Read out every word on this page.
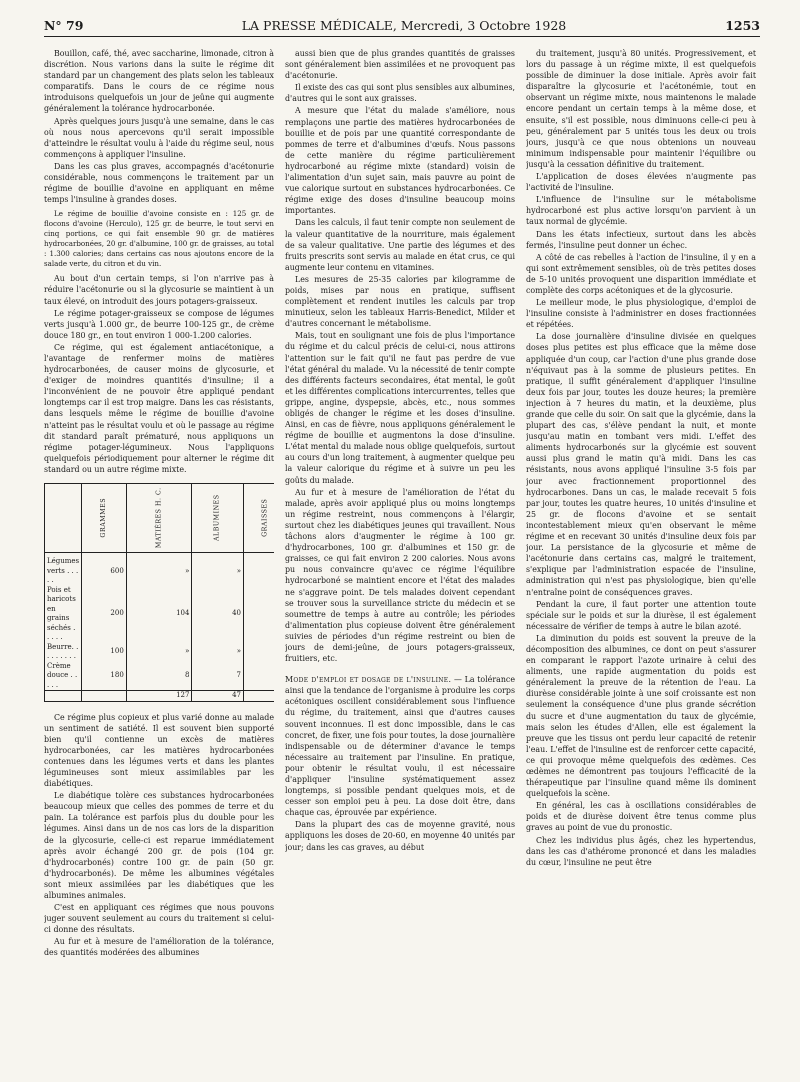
N° 79	LA PRESSE MÉDICALE, Mercredi, 3 Octobre 1928	1253

Bouillon, café, thé, avec saccharine, limonade, citron à discrétion. Nous varions dans la suite le régime dit standard par un changement des plats selon les tableaux comparatifs. Dans le cours de ce régime nous introduisons quelquefois un jour de jeûne qui augmente généralement la tolérance hydrocarbonée.

Après quelques jours jusqu'à une semaine, dans le cas où nous nous apercevons qu'il serait impossible d'atteindre le résultat voulu à l'aide du régime seul, nous commençons à appliquer l'insuline.

Dans les cas plus graves, accompagnés d'acétonurie considérable, nous commençons le traitement par un régime de bouillie d'avoine en appliquant en même temps l'insuline à grandes doses.

Le régime de bouillie d'avoine consiste en : 125 gr. de flocons d'avoine (Herculo), 125 gr. de beurre, le tout servi en cinq portions, ce qui fait ensemble 90 gr. de matières hydrocarbonées, 20 gr. d'albumine, 100 gr. de graisses, au total : 1.300 calories; dans certains cas nous ajoutons encore de la salade verte, du citron et du vin.

Au bout d'un certain temps, si l'on n'arrive pas à réduire l'acétonurie ou si la glycosurie se maintient à un taux élevé, on introduit des jours potagers-graisseux.

Le régime potager-graisseux se compose de légumes verts jusqu'à 1.000 gr., de beurre 100-125 gr., de crème douce 180 gr., en tout environ 1 000-1.200 calories.

Ce régime, qui est également antiacétonique, a l'avantage de renfermer moins de matières hydrocarbonées, de causer moins de glycosurie, et d'exiger de moindres quantités d'insuline; il a l'inconvénient de ne pouvoir être appliqué pendant longtemps car il est trop maigre. Dans les cas résistants, dans lesquels même le régime de bouillie d'avoine n'atteint pas le résultat voulu et où le passage au régime dit standard paraît prématuré, nous appliquons un régime potager-légumineux. Nous l'appliquons quelquefois périodiquement pour alterner le régime dit standard ou un autre régime mixte.

	GRAMMES	MATIÈRES H. C.	ALBUMINES	GRAISSES	
Légumes verts . . . . .	600	»	»		
Pois et haricots en grains séchés . . . . .	200	104	40		
Beurre. . . . . . . . .	100	»	»		
Crème douce . . . . .	180	8	7		
		127	47		

Ce régime plus copieux et plus varié donne au malade un sentiment de satiété. Il est souvent bien supporté bien qu'il contienne un excès de matières hydrocarbonées, car les matières hydrocarbonées contenues dans les légumes verts et dans les plantes légumineuses sont mieux assimilables par les diabétiques.

Le diabétique tolère ces substances hydrocarbonées beaucoup mieux que celles des pommes de terre et du pain. La tolérance est parfois plus du double pour les légumes. Ainsi dans un de nos cas lors de la disparition de la glycosurie, celle-ci est reparue immédiatement après avoir échangé 200 gr. de pois (104 gr. d'hydrocarbonés) contre 100 gr. de pain (50 gr. d'hydrocarbonés). De même les albumines végétales sont mieux assimilées par les diabétiques que les albumines animales.

C'est en appliquant ces régimes que nous pouvons juger souvent seulement au cours du traitement si celui-ci donne des résultats.

Au fur et à mesure de l'amélioration de la tolérance, des quantités modérées des albumines

aussi bien que de plus grandes quantités de graisses sont généralement bien assimilées et ne provoquent pas d'acétonurie.

Il existe des cas qui sont plus sensibles aux albumines, d'autres qui le sont aux graisses.

A mesure que l'état du malade s'améliore, nous remplaçons une partie des matières hydrocarbonées de bouillie et de pois par une quantité correspondante de pommes de terre et d'albumines d'œufs. Nous passons de cette manière du régime particulièrement hydrocarboné au régime mixte (standard) voisin de l'alimentation d'un sujet sain, mais pauvre au point de vue calorique surtout en substances hydrocarbonées. Ce régime exige des doses d'insuline beaucoup moins importantes.

Dans les calculs, il faut tenir compte non seulement de la valeur quantitative de la nourriture, mais également de sa valeur qualitative. Une partie des légumes et des fruits prescrits sont servis au malade en état crus, ce qui augmente leur contenu en vitamines.

Les mesures de 25-35 calories par kilogramme de poids, mises par nous en pratique, suffisent complètement et rendent inutiles les calculs par trop minutieux, selon les tableaux Harris-Benedict, Milder et d'autres concernant le métabolisme.

Mais, tout en soulignant une fois de plus l'importance du régime et du calcul précis de celui-ci, nous attirons l'attention sur le fait qu'il ne faut pas perdre de vue l'état général du malade. Vu la nécessité de tenir compte des différents facteurs secondaires, état mental, le goût et les différentes complications intercurrentes, telles que grippe, angine, dyspepsie, abcès, etc., nous sommes obligés de changer le régime et les doses d'insuline. Ainsi, en cas de fièvre, nous appliquons généralement le régime de bouillie et augmentons la dose d'insuline. L'état mental du malade nous oblige quelquefois, surtout au cours d'un long traitement, à augmenter quelque peu la valeur calorique du régime et à suivre un peu les goûts du malade.

Au fur et à mesure de l'amélioration de l'état du malade, après avoir appliqué plus ou moins longtemps un régime restreint, nous commençons à l'élargir, surtout chez les diabétiques jeunes qui travaillent. Nous tâchons alors d'augmenter le régime à 100 gr. d'hydrocarbones, 100 gr. d'albumines et 150 gr. de graisses, ce qui fait environ 2 200 calories. Nous avons pu nous convaincre qu'avec ce régime l'équilibre hydrocarboné se maintient encore et l'état des malades ne s'aggrave point. De tels malades doivent cependant se trouver sous la surveillance stricte du médecin et se soumettre de temps à autre au contrôle; les périodes d'alimentation plus copieuse doivent être généralement suivies de périodes d'un régime restreint ou bien de jours de demi-jeûne, de jours potagers-graisseux, fruitiers, etc.

Mode d'emploi et dosage de l'insuline. — La tolérance ainsi que la tendance de l'organisme à produire les corps acétoniques oscillent considérablement sous l'influence du régime, du traitement, ainsi que d'autres causes souvent inconnues. Il est donc impossible, dans le cas concret, de fixer, une fois pour toutes, la dose journalière indispensable ou de déterminer d'avance le temps nécessaire au traitement par l'insuline. En pratique, pour obtenir le résultat voulu, il est nécessaire d'appliquer l'insuline systématiquement assez longtemps, si possible pendant quelques mois, et de cesser son emploi peu à peu. La dose doit être, dans chaque cas, éprouvée par expérience.

Dans la plupart des cas de moyenne gravité, nous appliquons les doses de 20-60, en moyenne 40 unités par jour; dans les cas graves, au début

du traitement, jusqu'à 80 unités. Progressivement, et lors du passage à un régime mixte, il est quelquefois possible de diminuer la dose initiale. Après avoir fait disparaître la glycosurie et l'acétonémie, tout en observant un régime mixte, nous maintenons le malade encore pendant un certain temps à la même dose, et ensuite, s'il est possible, nous diminuons celle-ci peu à peu, généralement par 5 unités tous les deux ou trois jours, jusqu'à ce que nous obtenions un nouveau minimum indispensable pour maintenir l'équilibre ou jusqu'à la cessation définitive du traitement.

L'application de doses élevées n'augmente pas l'activité de l'insuline.

L'influence de l'insuline sur le métabolisme hydrocarboné est plus active lorsqu'on parvient à un taux normal de glycémie.

Dans les états infectieux, surtout dans les abcès fermés, l'insuline peut donner un échec.

A côté de cas rebelles à l'action de l'insuline, il y en a qui sont extrêmement sensibles, où de très petites doses de 5-10 unités provoquent une disparition immédiate et complète des corps acétoniques et de la glycosurie.

Le meilleur mode, le plus physiologique, d'emploi de l'insuline consiste à l'administrer en doses fractionnées et répétées.

La dose journalière d'insuline divisée en quelques doses plus petites est plus efficace que la même dose appliquée d'un coup, car l'action d'une plus grande dose n'équivaut pas à la somme de plusieurs petites. En pratique, il suffit généralement d'appliquer l'insuline deux fois par jour, toutes les douze heures; la première injection à 7 heures du matin, et la deuxième, plus grande que celle du soir. On sait que la glycémie, dans la plupart des cas, s'élève pendant la nuit, et monte jusqu'au matin en tombant vers midi. L'effet des aliments hydrocarbonés sur la glycémie est souvent aussi plus grand le matin qu'à midi. Dans les cas résistants, nous avons appliqué l'insuline 3-5 fois par jour avec fractionnement proportionnel des hydrocarbones. Dans un cas, le malade recevait 5 fois par jour, toutes les quatre heures, 10 unités d'insuline et 25 gr. de flocons d'avoine et se sentait incontestablement mieux qu'en observant le même régime et en recevant 30 unités d'insuline deux fois par jour. La persistance de la glycosurie et même de l'acétonurie dans certains cas, malgré le traitement, s'explique par l'administration espacée de l'insuline, administration qui n'est pas physiologique, bien qu'elle n'entraîne point de conséquences graves.

Pendant la cure, il faut porter une attention toute spéciale sur le poids et sur la diurèse, il est également nécessaire de vérifier de temps à autre le bilan azoté.

La diminution du poids est souvent la preuve de la décomposition des albumines, ce dont on peut s'assurer en comparant le rapport l'azote urinaire à celui des aliments, une rapide augmentation du poids est généralement la preuve de la rétention de l'eau. La diurèse considérable jointe à une soif croissante est non seulement la conséquence d'une plus grande sécrétion du sucre et d'une augmentation du taux de glycémie, mais selon les études d'Allen, elle est également la preuve que les tissus ont perdu leur capacité de retenir l'eau. L'effet de l'insuline est de renforcer cette capacité, ce qui provoque même quelquefois des œdèmes. Ces œdèmes ne démontrent pas toujours l'efficacité de la thérapeutique par l'insuline quand même ils dominent quelquefois la scène.

En général, les cas à oscillations considérables de poids et de diurèse doivent être tenus comme plus graves au point de vue du pronostic.

Chez les individus plus âgés, chez les hypertendus, dans les cas d'athérome prononcé et dans les maladies du cœur, l'insuline ne peut être
